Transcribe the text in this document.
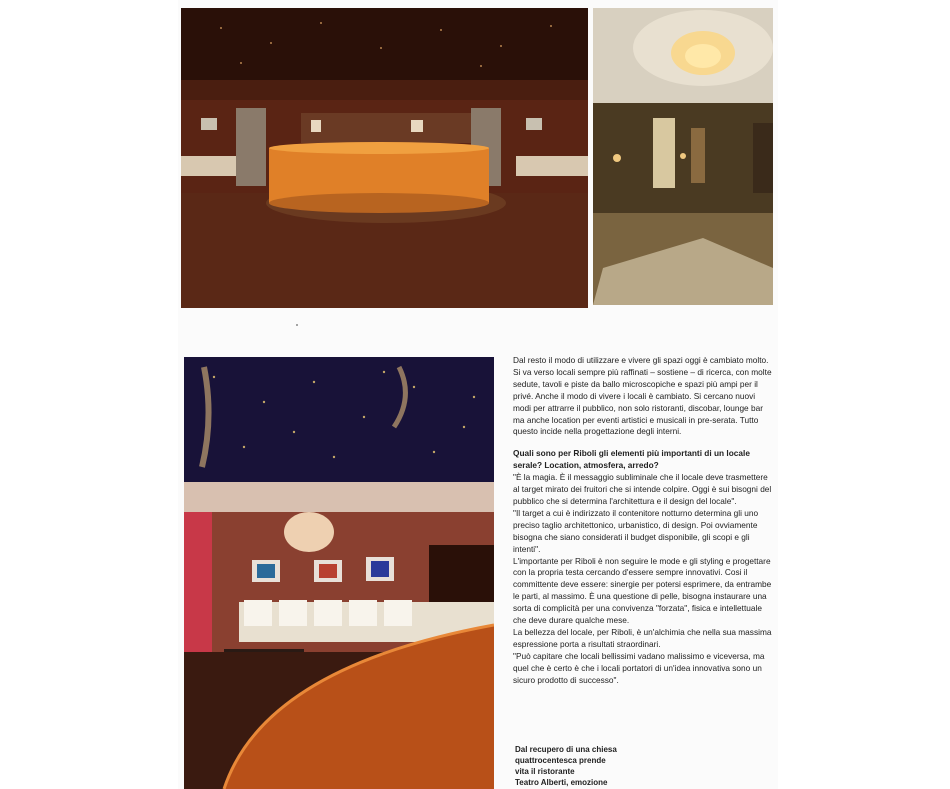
Dal resto il modo di utilizzare e vivere gli spazi oggi è cambiato molto. Si va verso locali sempre più raffinati – sostiene – di ricerca, con molte sedute, tavoli e piste da ballo microscopiche e spazi più ampi per il privé. Anche il modo di vivere i locali è cambiato. Si cercano nuovi modi per attrarre il pubblico, non solo ristoranti, discobar, lounge bar ma anche location per eventi artistici e musicali in pre-serata. Tutto questo incide nella progettazione degli interni.

Quali sono per Riboli gli elementi più importanti di un locale serale? Location, atmosfera, arredo?

"È la magia. È il messaggio subliminale che il locale deve trasmettere al target mirato dei fruitori che si intende colpire. Oggi è sui bisogni del pubblico che si determina l'architettura e il design del locale".

"Il target a cui è indirizzato il contenitore notturno determina gli uno preciso taglio architettonico, urbanistico, di design. Poi ovviamente bisogna che siano considerati il budget disponibile, gli scopi e gli intenti".

L'importante per Riboli è non seguire le mode e gli styling e progettare con la propria testa cercando d'essere sempre innovativi. Cosi il committente deve essere: sinergie per potersi esprimere, da entrambe le parti, al massimo. È una questione di pelle, bisogna instaurare una sorta di complicità per una convivenza "forzata", fisica e intellettuale che deve durare qualche mese.

La bellezza del locale, per Riboli, è un'alchimia che nella sua massima espressione porta a risultati straordinari.

"Può capitare che locali bellissimi vadano malissimo e viceversa, ma quel che è certo è che i locali portatori di un'idea innovativa sono un sicuro prodotto di successo".

Dal recupero di una chiesa
quattrocentesca prende
vita il ristorante
Teatro Alberti, emozione
